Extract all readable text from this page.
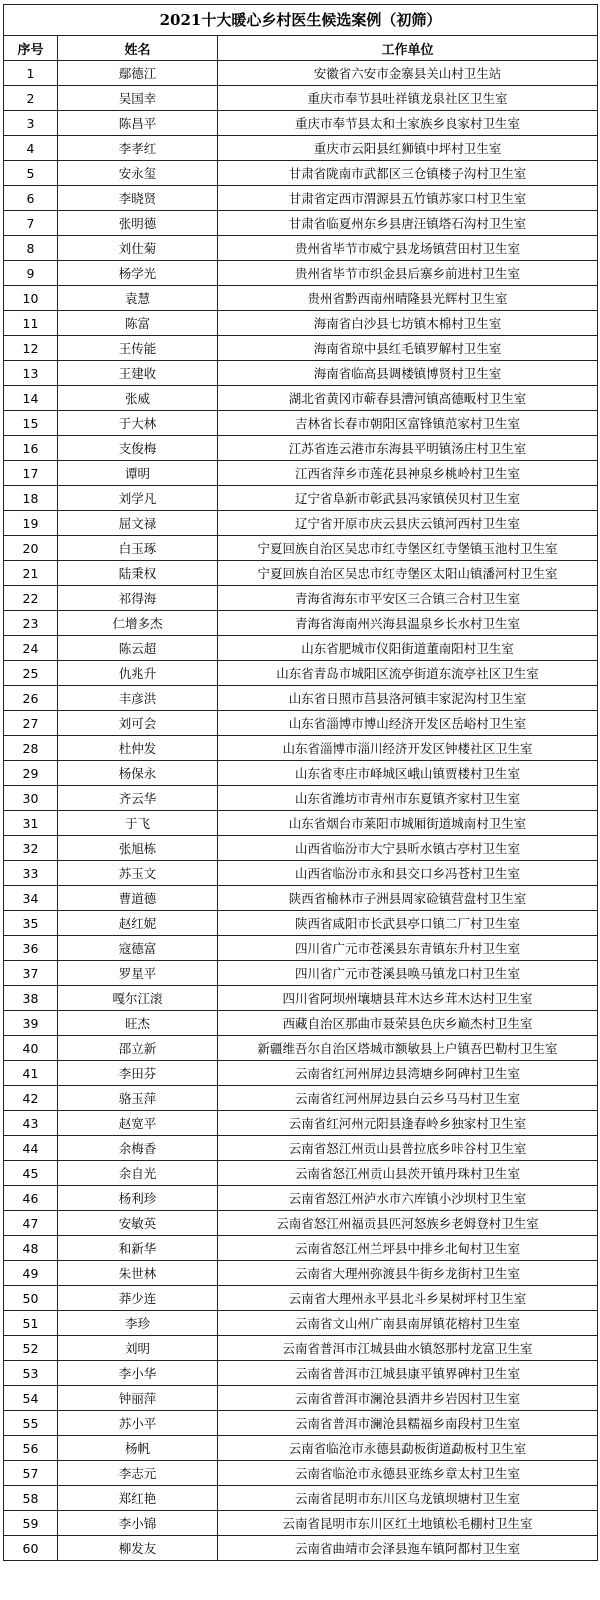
2021十大暖心乡村医生候选案例（初筛）
序号	姓名	工作单位
1	鄢德江	安徽省六安市金寨县关山村卫生站
2	吴国幸	重庆市奉节县吐祥镇龙泉社区卫生室
3	陈昌平	重庆市奉节县太和土家族乡良家村卫生室
4	李孝红	重庆市云阳县红狮镇中坪村卫生室
5	安永玺	甘肃省陇南市武都区三仓镇楼子沟村卫生室
6	李晓贤	甘肃省定西市渭源县五竹镇苏家口村卫生室
7	张明德	甘肃省临夏州东乡县唐汪镇塔石沟村卫生室
8	刘仕菊	贵州省毕节市威宁县龙场镇营田村卫生室
9	杨学光	贵州省毕节市织金县后寨乡前进村卫生室
10	袁慧	贵州省黔西南州晴隆县光辉村卫生室
11	陈富	海南省白沙县七坊镇木棉村卫生室
12	王传能	海南省琼中县红毛镇罗解村卫生室
13	王建收	海南省临高县调楼镇博贤村卫生室
14	张威	湖北省黄冈市蕲春县漕河镇高德畈村卫生室
15	于大林	吉林省长春市朝阳区富锋镇范家村卫生室
16	支俊梅	江苏省连云港市东海县平明镇汤庄村卫生室
17	谭明	江西省萍乡市莲花县神泉乡桃岭村卫生室
18	刘学凡	辽宁省阜新市彰武县冯家镇侯贝村卫生室
19	屈文禄	辽宁省开原市庆云县庆云镇河西村卫生室
20	白玉琢	宁夏回族自治区吴忠市红寺堡区红寺堡镇玉池村卫生室
21	陆秉权	宁夏回族自治区吴忠市红寺堡区太阳山镇潘河村卫生室
22	祁得海	青海省海东市平安区三合镇三合村卫生室
23	仁增多杰	青海省海南州兴海县温泉乡长水村卫生室
24	陈云超	山东省肥城市仪阳街道董南阳村卫生室
25	仇兆升	山东省青岛市城阳区流亭街道东流亭社区卫生室
26	丰彦洪	山东省日照市莒县洛河镇丰家泥沟村卫生室
27	刘可会	山东省淄博市博山经济开发区岳峪村卫生室
28	杜仲发	山东省淄博市淄川经济开发区钟楼社区卫生室
29	杨保永	山东省枣庄市峄城区峨山镇贾楼村卫生室
30	齐云华	山东省潍坊市青州市东夏镇齐家村卫生室
31	于飞	山东省烟台市莱阳市城厢街道城南村卫生室
32	张旭栋	山西省临汾市大宁县昕水镇古亭村卫生室
33	苏玉文	山西省临汾市永和县交口乡冯苍村卫生室
34	曹道德	陕西省榆林市子洲县周家硷镇营盘村卫生室
35	赵红妮	陕西省咸阳市长武县亭口镇二厂村卫生室
36	寇德富	四川省广元市苍溪县东青镇东升村卫生室
37	罗星平	四川省广元市苍溪县唤马镇龙口村卫生室
38	嘎尔江滚	四川省阿坝州壤塘县茸木达乡茸木达村卫生室
39	旺杰	西藏自治区那曲市聂荣县色庆乡巅杰村卫生室
40	邵立新	新疆维吾尔自治区塔城市额敏县上户镇吾巴勒村卫生室
41	李田芬	云南省红河州屏边县湾塘乡阿碑村卫生室
42	骆玉萍	云南省红河州屏边县白云乡马马村卫生室
43	赵宽平	云南省红河州元阳县逢春岭乡独家村卫生室
44	余梅香	云南省怒江州贡山县普拉底乡咔谷村卫生室
45	余自光	云南省怒江州贡山县茨开镇丹珠村卫生室
46	杨利珍	云南省怒江州泸水市六库镇小沙坝村卫生室
47	安敏英	云南省怒江州福贡县匹河怒族乡老姆登村卫生室
48	和新华	云南省怒江州兰坪县中排乡北甸村卫生室
49	朱世林	云南省大理州弥渡县牛街乡龙街村卫生室
50	莽少连	云南省大理州永平县北斗乡杲树坪村卫生室
51	李珍	云南省文山州广南县南屏镇花榕村卫生室
52	刘明	云南省普洱市江城县曲水镇怒那村龙富卫生室
53	李小华	云南省普洱市江城县康平镇界碑村卫生室
54	钟丽萍	云南省普洱市澜沧县酒井乡岩因村卫生室
55	苏小平	云南省普洱市澜沧县糯福乡南段村卫生室
56	杨帆	云南省临沧市永德县勐板街道勐板村卫生室
57	李志元	云南省临沧市永德县亚练乡章太村卫生室
58	郑红艳	云南省昆明市东川区乌龙镇坝塘村卫生室
59	李小锦	云南省昆明市东川区红土地镇松毛棚村卫生室
60	柳发友	云南省曲靖市会泽县迤车镇阿都村卫生室
